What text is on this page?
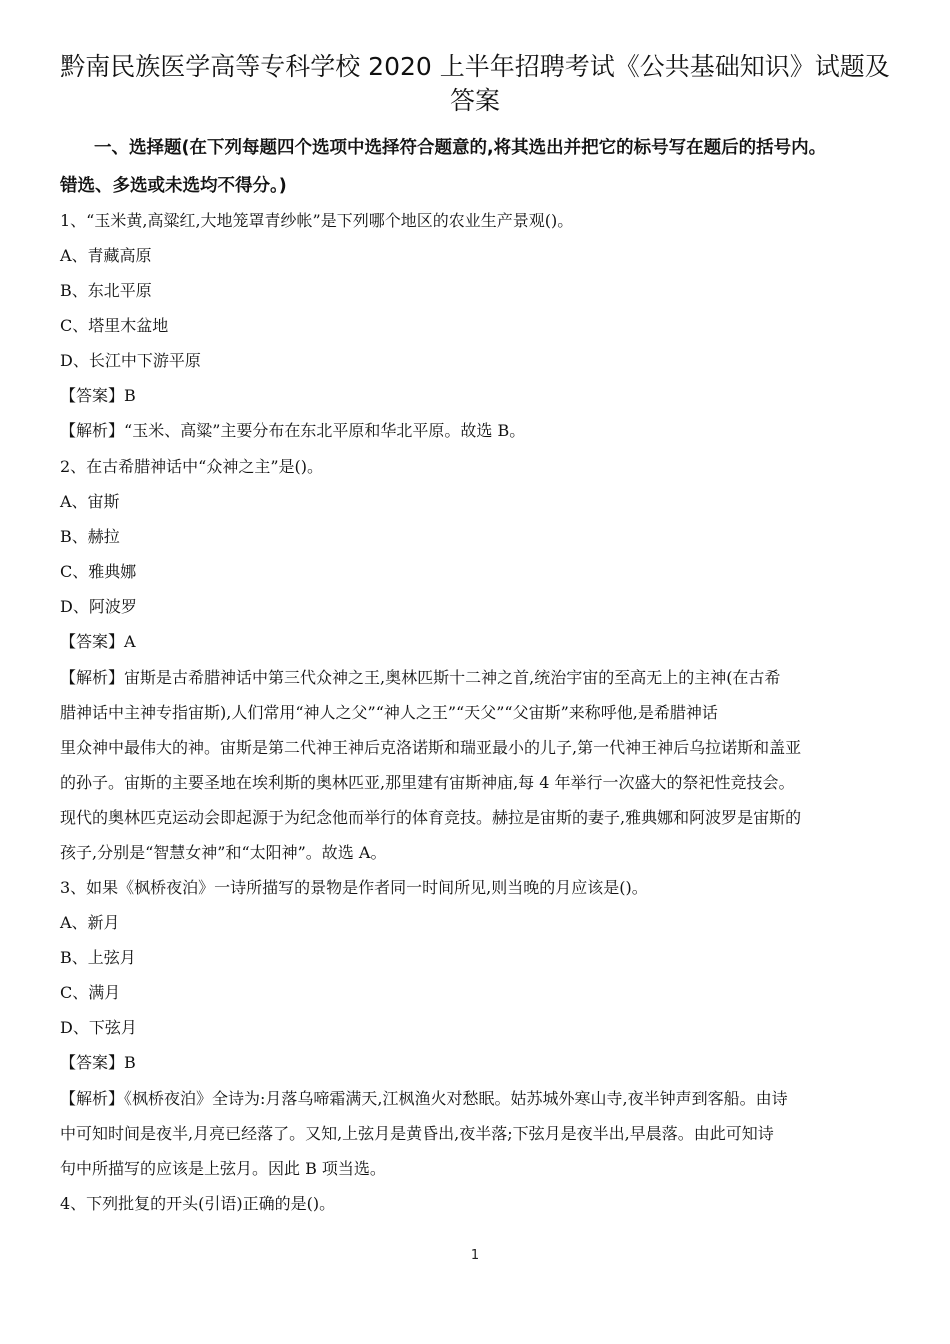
黔南民族医学高等专科学校 2020 上半年招聘考试《公共基础知识》试题及
答案

一、选择题(在下列每题四个选项中选择符合题意的,将其选出并把它的标号写在题后的括号内。

错选、多选或未选均不得分。)

1、“玉米黄,高粱红,大地笼罩青纱帐”是下列哪个地区的农业生产景观()。

A、青藏高原

B、东北平原

C、塔里木盆地

D、长江中下游平原

【答案】B

【解析】“玉米、高粱”主要分布在东北平原和华北平原。故选 B。

2、在古希腊神话中“众神之主”是()。

A、宙斯

B、赫拉

C、雅典娜

D、阿波罗

【答案】A

【解析】宙斯是古希腊神话中第三代众神之王,奥林匹斯十二神之首,统治宇宙的至高无上的主神(在古希
腊神话中主神专指宙斯),人们常用“神人之父”“神人之王”“天父”“父宙斯”来称呼他,是希腊神话
里众神中最伟大的神。宙斯是第二代神王神后克洛诺斯和瑞亚最小的儿子,第一代神王神后乌拉诺斯和盖亚
的孙子。宙斯的主要圣地在埃利斯的奥林匹亚,那里建有宙斯神庙,每 4 年举行一次盛大的祭祀性竞技会。
现代的奥林匹克运动会即起源于为纪念他而举行的体育竞技。赫拉是宙斯的妻子,雅典娜和阿波罗是宙斯的
孩子,分别是“智慧女神”和“太阳神”。故选 A。

3、如果《枫桥夜泊》一诗所描写的景物是作者同一时间所见,则当晚的月应该是()。

A、新月

B、上弦月

C、满月

D、下弦月

【答案】B

【解析】《枫桥夜泊》全诗为:月落乌啼霜满天,江枫渔火对愁眠。姑苏城外寒山寺,夜半钟声到客船。由诗
中可知时间是夜半,月亮已经落了。又知,上弦月是黄昏出,夜半落;下弦月是夜半出,早晨落。由此可知诗
句中所描写的应该是上弦月。因此 B 项当选。

4、下列批复的开头(引语)正确的是()。

1
